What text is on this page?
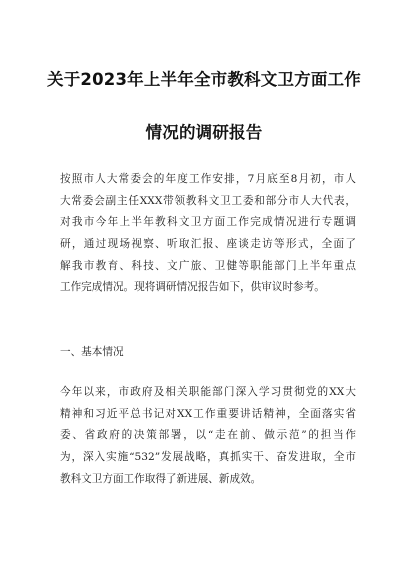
关于2023年上半年全市教科文卫方面工作
情况的调研报告
按照市人大常委会的年度工作安排，7月底至8月初，市人
大常委会副主任XXX带领教科文卫工委和部分市人大代表，
对我市今年上半年教科文卫方面工作完成情况进行专题调
研，通过现场视察、听取汇报、座谈走访等形式，全面了
解我市教育、科技、文广旅、卫健等职能部门上半年重点
工作完成情况。现将调研情况报告如下，供审议时参考。
一、基本情况
今年以来，市政府及相关职能部门深入学习贯彻党的XX大
精神和习近平总书记对XX工作重要讲话精神，全面落实省
委、省政府的决策部署，以“走在前、做示范”的担当作
为，深入实施“532”发展战略，真抓实干、奋发进取，全市
教科文卫方面工作取得了新进展、新成效。
